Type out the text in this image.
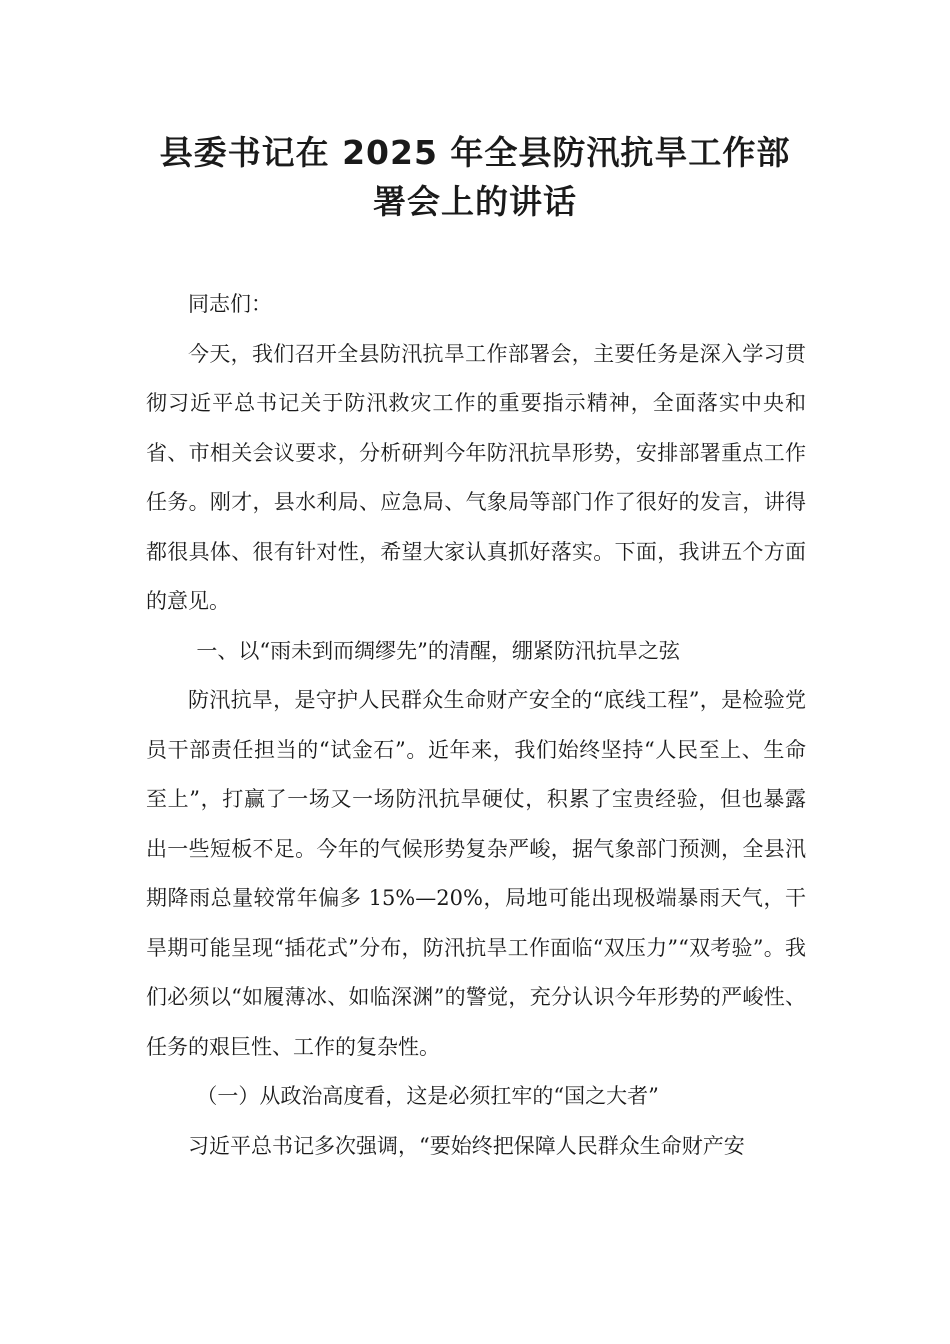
县委书记在 2025 年全县防汛抗旱工作部
署会上的讲话

同志们：

今天，我们召开全县防汛抗旱工作部署会，主要任务是深入学习贯彻习近平总书记关于防汛救灾工作的重要指示精神，全面落实中央和省、市相关会议要求，分析研判今年防汛抗旱形势，安排部署重点工作任务。刚才，县水利局、应急局、气象局等部门作了很好的发言，讲得都很具体、很有针对性，希望大家认真抓好落实。下面，我讲五个方面的意见。

一、以“雨未到而绸缪先”的清醒，绷紧防汛抗旱之弦

防汛抗旱，是守护人民群众生命财产安全的“底线工程”，是检验党员干部责任担当的“试金石”。近年来，我们始终坚持“人民至上、生命至上”，打赢了一场又一场防汛抗旱硬仗，积累了宝贵经验，但也暴露出一些短板不足。今年的气候形势复杂严峻，据气象部门预测，全县汛期降雨总量较常年偏多 15%—20%，局地可能出现极端暴雨天气，干旱期可能呈现“插花式”分布，防汛抗旱工作面临“双压力”“双考验”。我们必须以“如履薄冰、如临深渊”的警觉，充分认识今年形势的严峻性、任务的艰巨性、工作的复杂性。

（一）从政治高度看，这是必须扛牢的“国之大者”

习近平总书记多次强调，“要始终把保障人民群众生命财产安
